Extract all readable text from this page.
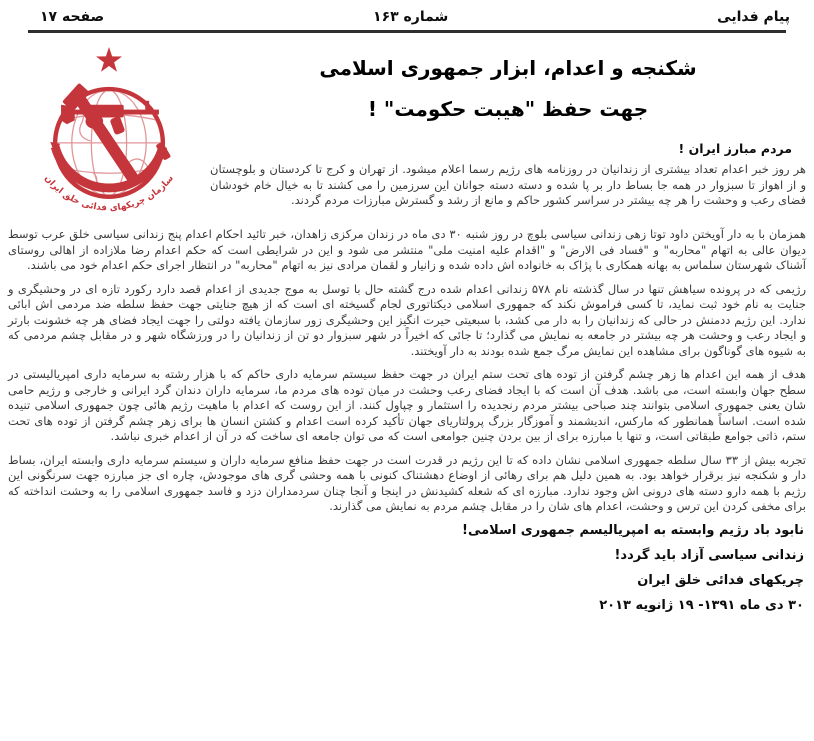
پیام فدایی
شماره ۱۶۳
صفحه ۱۷
سازمان چریکهای فدائی خلق ایران
شکنجه و اعدام، ابزار جمهوری اسلامی
جهت حفظ "هیبت حکومت" !

مردم مبارز ایران !

هر روز خبر اعدام تعداد بیشتری از زندانیان در روزنامه های رژیم رسما اعلام میشود. از تهران و کرج تا کردستان و بلوچستان و از اهواز تا سبزوار در همه جا بساط دار بر پا شده و دسته دسته جوانان این سرزمین را می کشند تا به خیال خام خودشان فضای رعب و وحشت را هر چه بیشتر در سراسر کشور حاکم و مانع از رشد و گسترش مبارزات مردم گردند.

همزمان با به دار آویختن داود توتا زهی زندانی سیاسی بلوچ در روز شنبه ۳۰ دی ماه در زندان مرکزی زاهدان، خبر تائید احکام اعدام پنج زندانی سیاسی خلق عرب توسط دیوان عالی به اتهام "محاربه" و "فساد فی الارض" و "اقدام علیه امنیت ملی" منتشر می شود و این در شرایطی است که حکم اعدام رضا ملازاده از اهالی روستای آشناک شهرستان سلماس به بهانه همکاری با پژاک به خانواده اش داده شده و زانیار و لقمان مرادی نیز به اتهام "محاربه" در انتظار اجرای حکم اعدام خود می باشند.

رژیمی که در پرونده سیاهش تنها در سال گذشته نام ۵۷۸ زندانی اعدام شده درج گشته حال با توسل به موج جدیدی از اعدام قصد دارد رکورد تازه ای در وحشیگری و جنایت به نام خود ثبت نماید، تا کسی فراموش نکند که جمهوری اسلامی دیکتاتوری لجام گسیخته ای است که از هیچ جنایتی جهت حفظ سلطه ضد مردمی اش ابائی ندارد. این رژیم ددمنش در حالی که زندانیان را به دار می کشد، با سبعیتی حیرت انگیز این وحشیگری زور سازمان یافته دولتی را جهت ایجاد فضای هر چه خشونت بارتر و ایجاد رعب و وحشت هر چه بیشتر در جامعه به نمایش می گذارد؛ تا جائی که اخیراً در شهر سبزوار دو تن از زندانیان را در ورزشگاه شهر و در مقابل چشم مردمی که به شیوه های گوناگون برای مشاهده این نمایش مرگ جمع شده بودند به دار آویختند.

هدف از همه این اعدام ها زهر چشم گرفتن از توده های تحت ستم ایران در جهت حفظ سیستم سرمایه داری حاکم که با هزار رشته به سرمایه داری امپریالیستی در سطح جهان وابسته است، می باشد. هدف آن است که با ایجاد فضای رعب وحشت در میان توده های مردم ما، سرمایه داران دندان گرد ایرانی و خارجی و رژیم حامی شان یعنی جمهوری اسلامی بتوانند چند صباحی بیشتر مردم رنجدیده را استثمار و چپاول کنند. از این روست که اعدام با ماهیت رژیم هائی چون جمهوری اسلامی تنیده شده است. اساساً همانطور که مارکس، اندیشمند و آموزگار بزرگ پرولتاریای جهان تأکید کرده است اعدام و کشتن انسان ها برای زهر چشم گرفتن از توده های تحت ستم، ذاتی جوامع طبقاتی است، و تنها با مبارزه برای از بین بردن چنین جوامعی است که می توان جامعه ای ساخت که در آن از اعدام خبری نباشد.

تجربه بیش از ۳۳ سال سلطه جمهوری اسلامی نشان داده که تا این رژیم در قدرت است در جهت حفظ منافع سرمایه داران و سیستم سرمایه داری وابسته ایران، بساط دار و شکنجه نیز برقرار خواهد بود. به همین دلیل هم برای رهائی از اوضاع دهشتناک کنونی با همه وحشی گری های موجودش، چاره ای جز مبارزه جهت سرنگونی این رژیم با همه دارو دسته های درونی اش وجود ندارد. مبارزه ای که شعله کشیدنش در اینجا و آنجا چنان سردمداران دزد و فاسد جمهوری اسلامی را به وحشت انداخته که برای مخفی کردن این ترس و وحشت، اعدام های شان را در مقابل چشم مردم به نمایش می گذارند.

نابود باد رژیم وابسته به امپریالیسم جمهوری اسلامی!

زندانی سیاسی آزاد باید گردد!

چریکهای فدائی خلق ایران

۳۰ دی ماه ۱۳۹۱- ۱۹ ژانویه ۲۰۱۳
